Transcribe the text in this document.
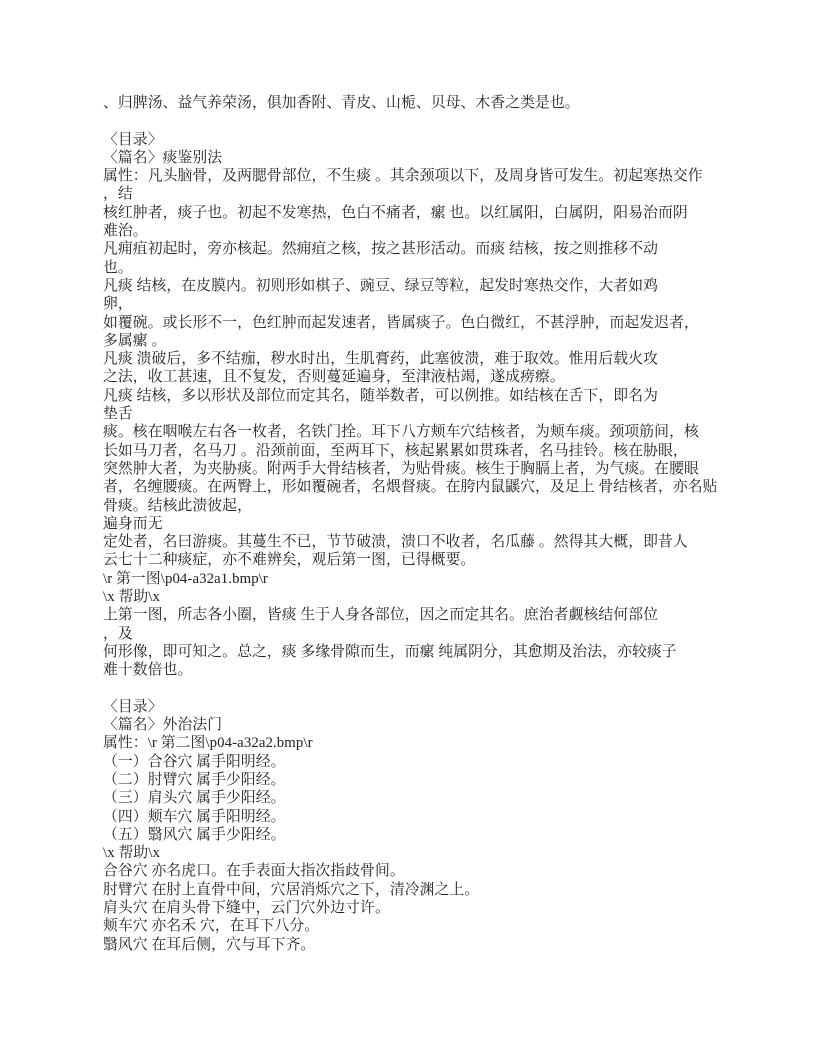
、归脾汤、益气养荣汤，俱加香附、青皮、山栀、贝母、木香之类是也。

〈目录〉
〈篇名〉痰鉴别法
属性：凡头脑骨，及两腮骨部位，不生痰 。其余颈项以下，及周身皆可发生。初起寒热交作
，结
核红肿者，痰子也。初起不发寒热，色白不痛者，瘰 也。以红属阳，白属阴，阳易治而阴
难治。
凡痈疽初起时，旁亦核起。然痈疽之核，按之甚形活动。而痰 结核，按之则推移不动
也。
凡痰 结核，在皮膜内。初则形如棋子、豌豆、绿豆等粒，起发时寒热交作，大者如鸡
卵，
如覆碗。或长形不一，色红肿而起发速者，皆属痰子。色白微红，不甚浮肿，而起发迟者，
多属瘰 。
凡痰 溃破后，多不结痂，秽水时出，生肌膏药，此塞彼溃，难于取效。惟用后载火攻
之法，收工甚速，且不复发，否则蔓延遍身，至津液枯竭，遂成痨瘵。
凡痰 结核，多以形状及部位而定其名，随举数者，可以例推。如结核在舌下，即名为
垫舌
痰。核在咽喉左右各一枚者，名铁门拴。耳下八方颊车穴结核者，为颊车痰。颈项筋间，核
长如马刀者，名马刀 。沿颈前面，至两耳下，核起累累如贯珠者，名马挂铃。核在胁眼，
突然肿大者，为夹胁痰。附两手大骨结核者，为贴骨痰。核生于胸膈上者，为气痰。在腰眼
者，名缠腰痰。在两臀上，形如覆碗者，名煨督痰。在胯内鼠鼷穴，及足上 骨结核者，亦名贴
骨痰。结核此溃彼起，
遍身而无
定处者，名曰游痰。其蔓生不已，节节破溃，溃口不收者，名瓜藤 。然得其大概，即昔人
云七十二种痰症，亦不难辨矣，观后第一图，已得概要。
\r 第一图\p04-a32a1.bmp\r
\x 帮助\x
上第一图，所志各小圈，皆痰 生于人身各部位，因之而定其名。庶治者觑核结何部位
，及
何形像，即可知之。总之，痰 多缘骨隙而生，而瘰 纯属阴分，其愈期及治法，亦较痰子
难十数倍也。

〈目录〉
〈篇名〉外治法门
属性：\r 第二图\p04-a32a2.bmp\r
（一）合谷穴 属手阳明经。
（二）肘臂穴 属手少阳经。
（三）肩头穴 属手少阳经。
（四）颊车穴 属手阳明经。
（五）翳风穴 属手少阳经。
\x 帮助\x
合谷穴 亦名虎口。在手表面大指次指歧骨间。
肘臂穴 在肘上直骨中间，穴居消烁穴之下，清冷渊之上。
肩头穴 在肩头骨下缝中，云门穴外边寸许。
颊车穴 亦名禾 穴，在耳下八分。
翳风穴 在耳后侧，穴与耳下齐。
